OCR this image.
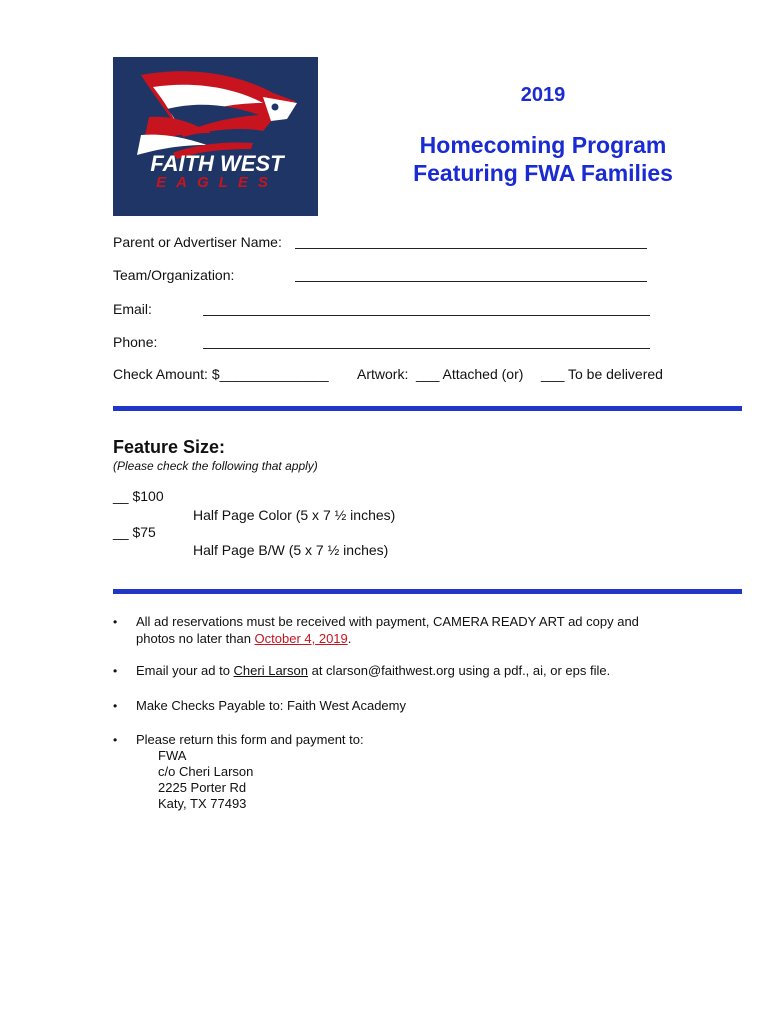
FAITH WEST
EAGLES
2019
Homecoming Program
Featuring FWA Families
Parent or Advertiser Name:
Team/Organization:
Email:
Phone:
Check Amount: $______________ Artwork: ___ Attached (or) ___ To be delivered
Feature Size:
(Please check the following that apply)
__ $100
Half Page Color (5 x 7 ½ inches)
__ $75
Half Page B/W (5 x 7 ½ inches)
• All ad reservations must be received with payment, CAMERA READY ART ad copy and
photos no later than October 4, 2019.
• Email your ad to Cheri Larson at clarson@faithwest.org using a pdf., ai, or eps file.
• Make Checks Payable to: Faith West Academy
• Please return this form and payment to:
FWA
c/o Cheri Larson
2225 Porter Rd
Katy, TX 77493
